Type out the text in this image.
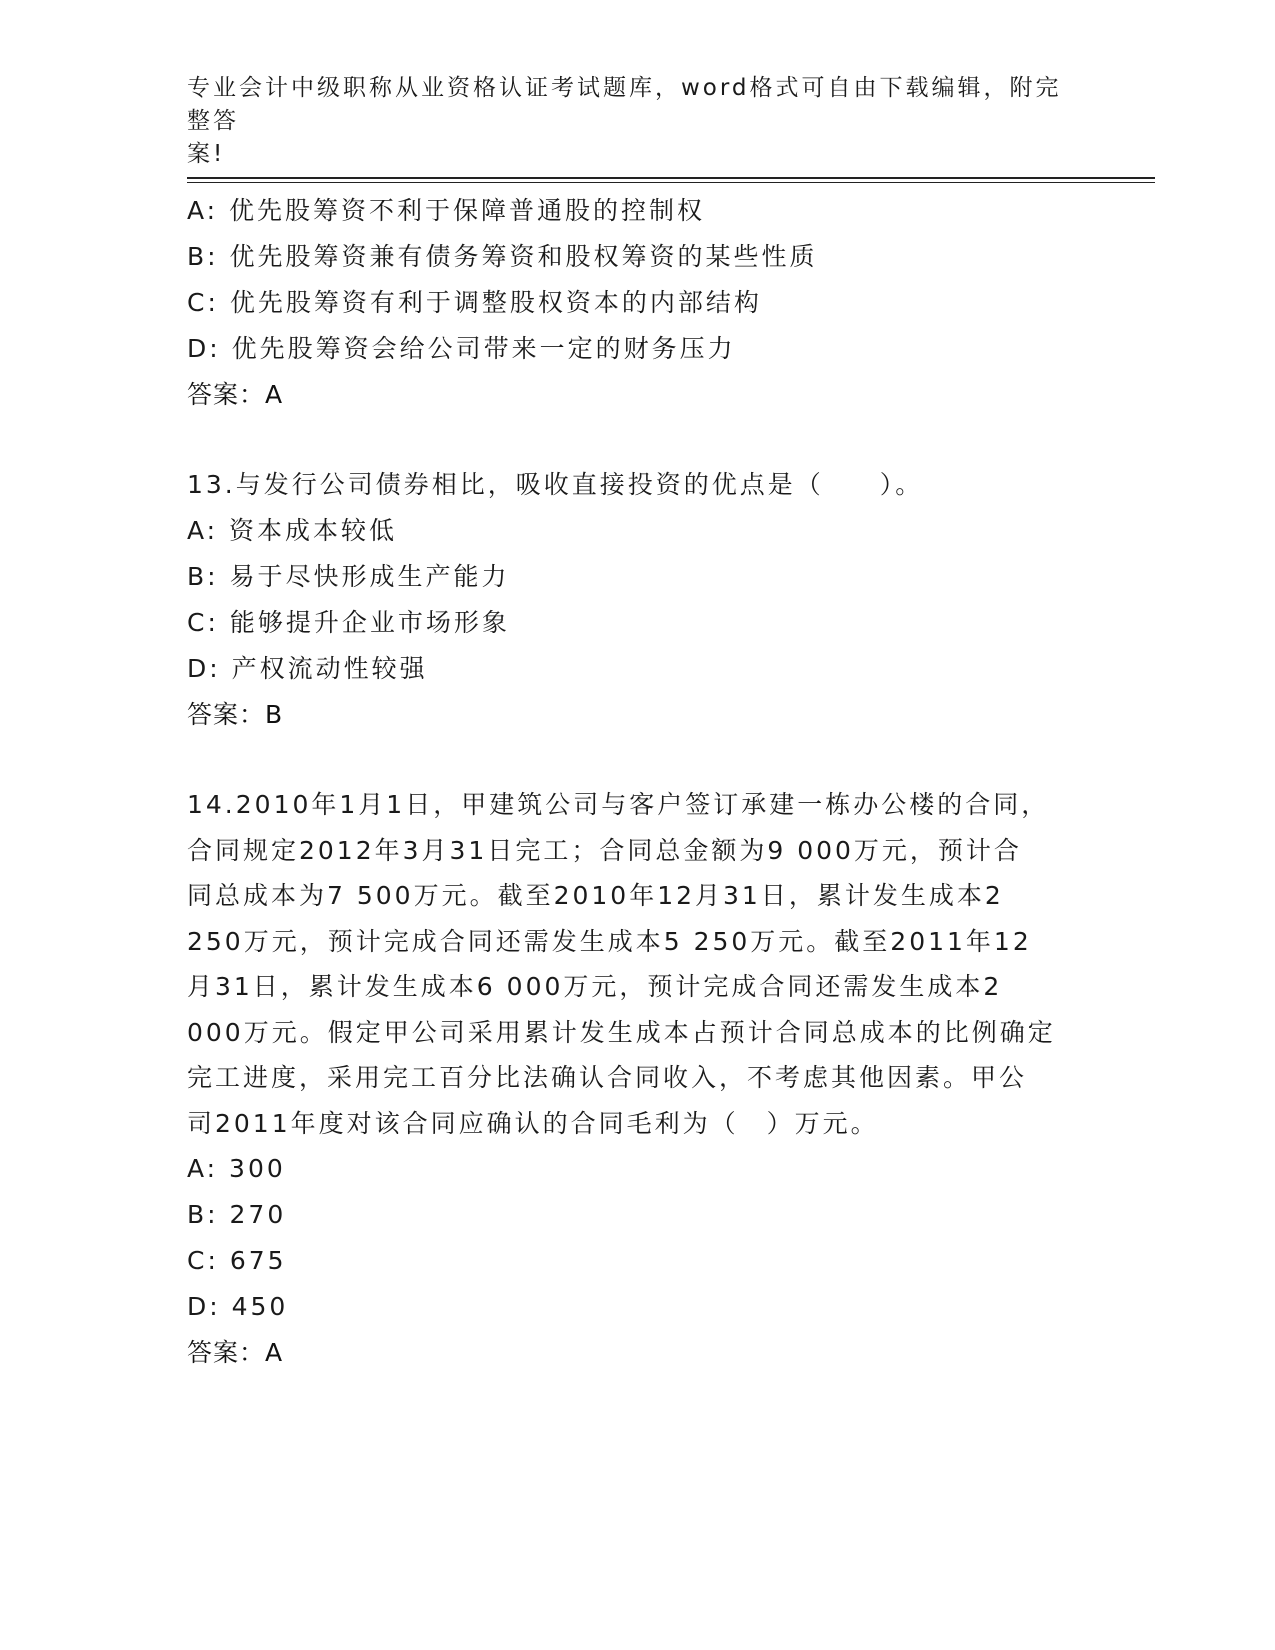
专业会计中级职称从业资格认证考试题库，word格式可自由下载编辑，附完整答
案!
A: 优先股筹资不利于保障普通股的控制权
B: 优先股筹资兼有债务筹资和股权筹资的某些性质
C: 优先股筹资有利于调整股权资本的内部结构
D: 优先股筹资会给公司带来一定的财务压力
答案：A
13.与发行公司债券相比，吸收直接投资的优点是（　　）。
A: 资本成本较低
B: 易于尽快形成生产能力
C: 能够提升企业市场形象
D: 产权流动性较强
答案：B
14.2010年1月1日，甲建筑公司与客户签订承建一栋办公楼的合同，
合同规定2012年3月31日完工；合同总金额为9 000万元，预计合
同总成本为7 500万元。截至2010年12月31日，累计发生成本2
250万元，预计完成合同还需发生成本5 250万元。截至2011年12
月31日，累计发生成本6 000万元，预计完成合同还需发生成本2
000万元。假定甲公司采用累计发生成本占预计合同总成本的比例确定
完工进度，采用完工百分比法确认合同收入，不考虑其他因素。甲公
司2011年度对该合同应确认的合同毛利为（　）万元。
A: 300
B: 270
C: 675
D: 450
答案：A
